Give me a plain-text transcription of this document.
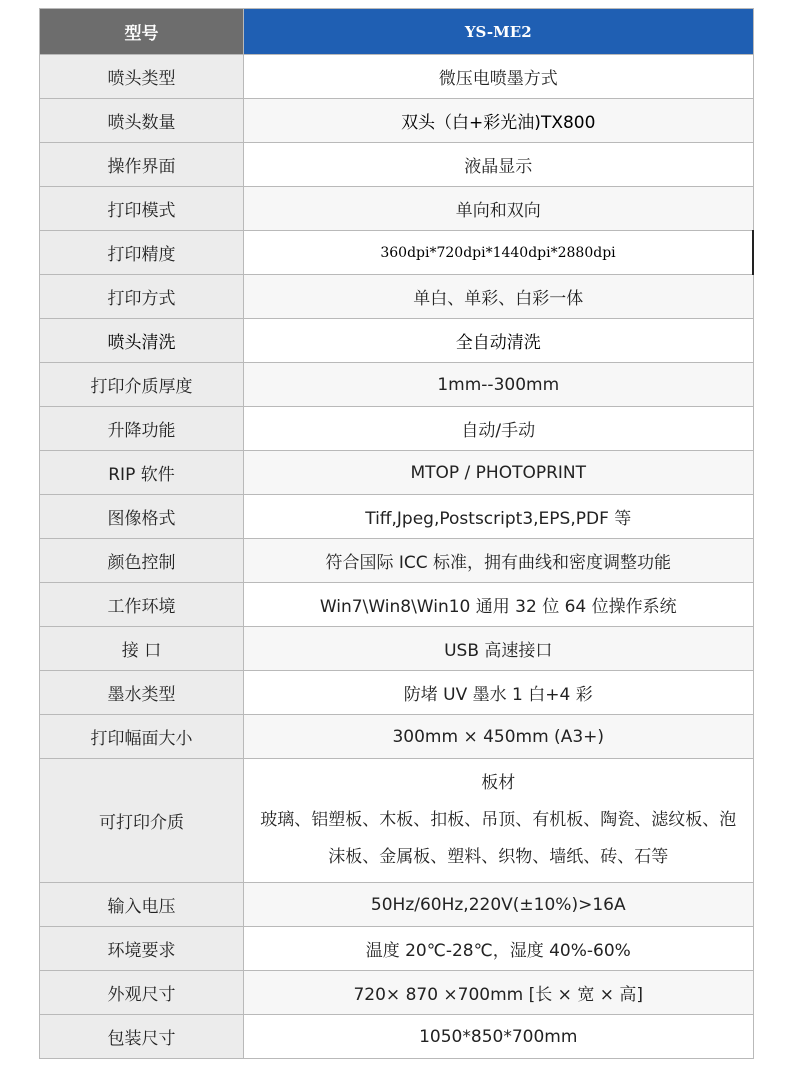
型号	YS-ME2
喷头类型	微压电喷墨方式
喷头数量	双头（白+彩光油)TX800
操作界面	液晶显示
打印模式	单向和双向
打印精度	360dpi*720dpi*1440dpi*2880dpi
打印方式	单白、单彩、白彩一体
喷头清洗	全自动清洗
打印介质厚度	1mm--300mm
升降功能	自动/手动
RIP 软件	MTOP / PHOTOPRINT
图像格式	Tiff,Jpeg,Postscript3,EPS,PDF 等
颜色控制	符合国际 ICC 标准，拥有曲线和密度调整功能
工作环境	Win7\Win8\Win10 通用 32 位 64 位操作系统
接 口	USB 高速接口
墨水类型	防堵 UV 墨水 1 白+4 彩
打印幅面大小	300mm × 450mm (A3+)
可打印介质	板材
玻璃、铝塑板、木板、扣板、吊顶、有机板、陶瓷、滤纹板、泡
沫板、金属板、塑料、织物、墙纸、砖、石等

输入电压	50Hz/60Hz,220V(±10%)>16A
环境要求	温度 20℃-28℃，湿度 40%-60%
外观尺寸	720× 870 ×700mm [长 × 宽 × 高]
包装尺寸	1050*850*700mm
